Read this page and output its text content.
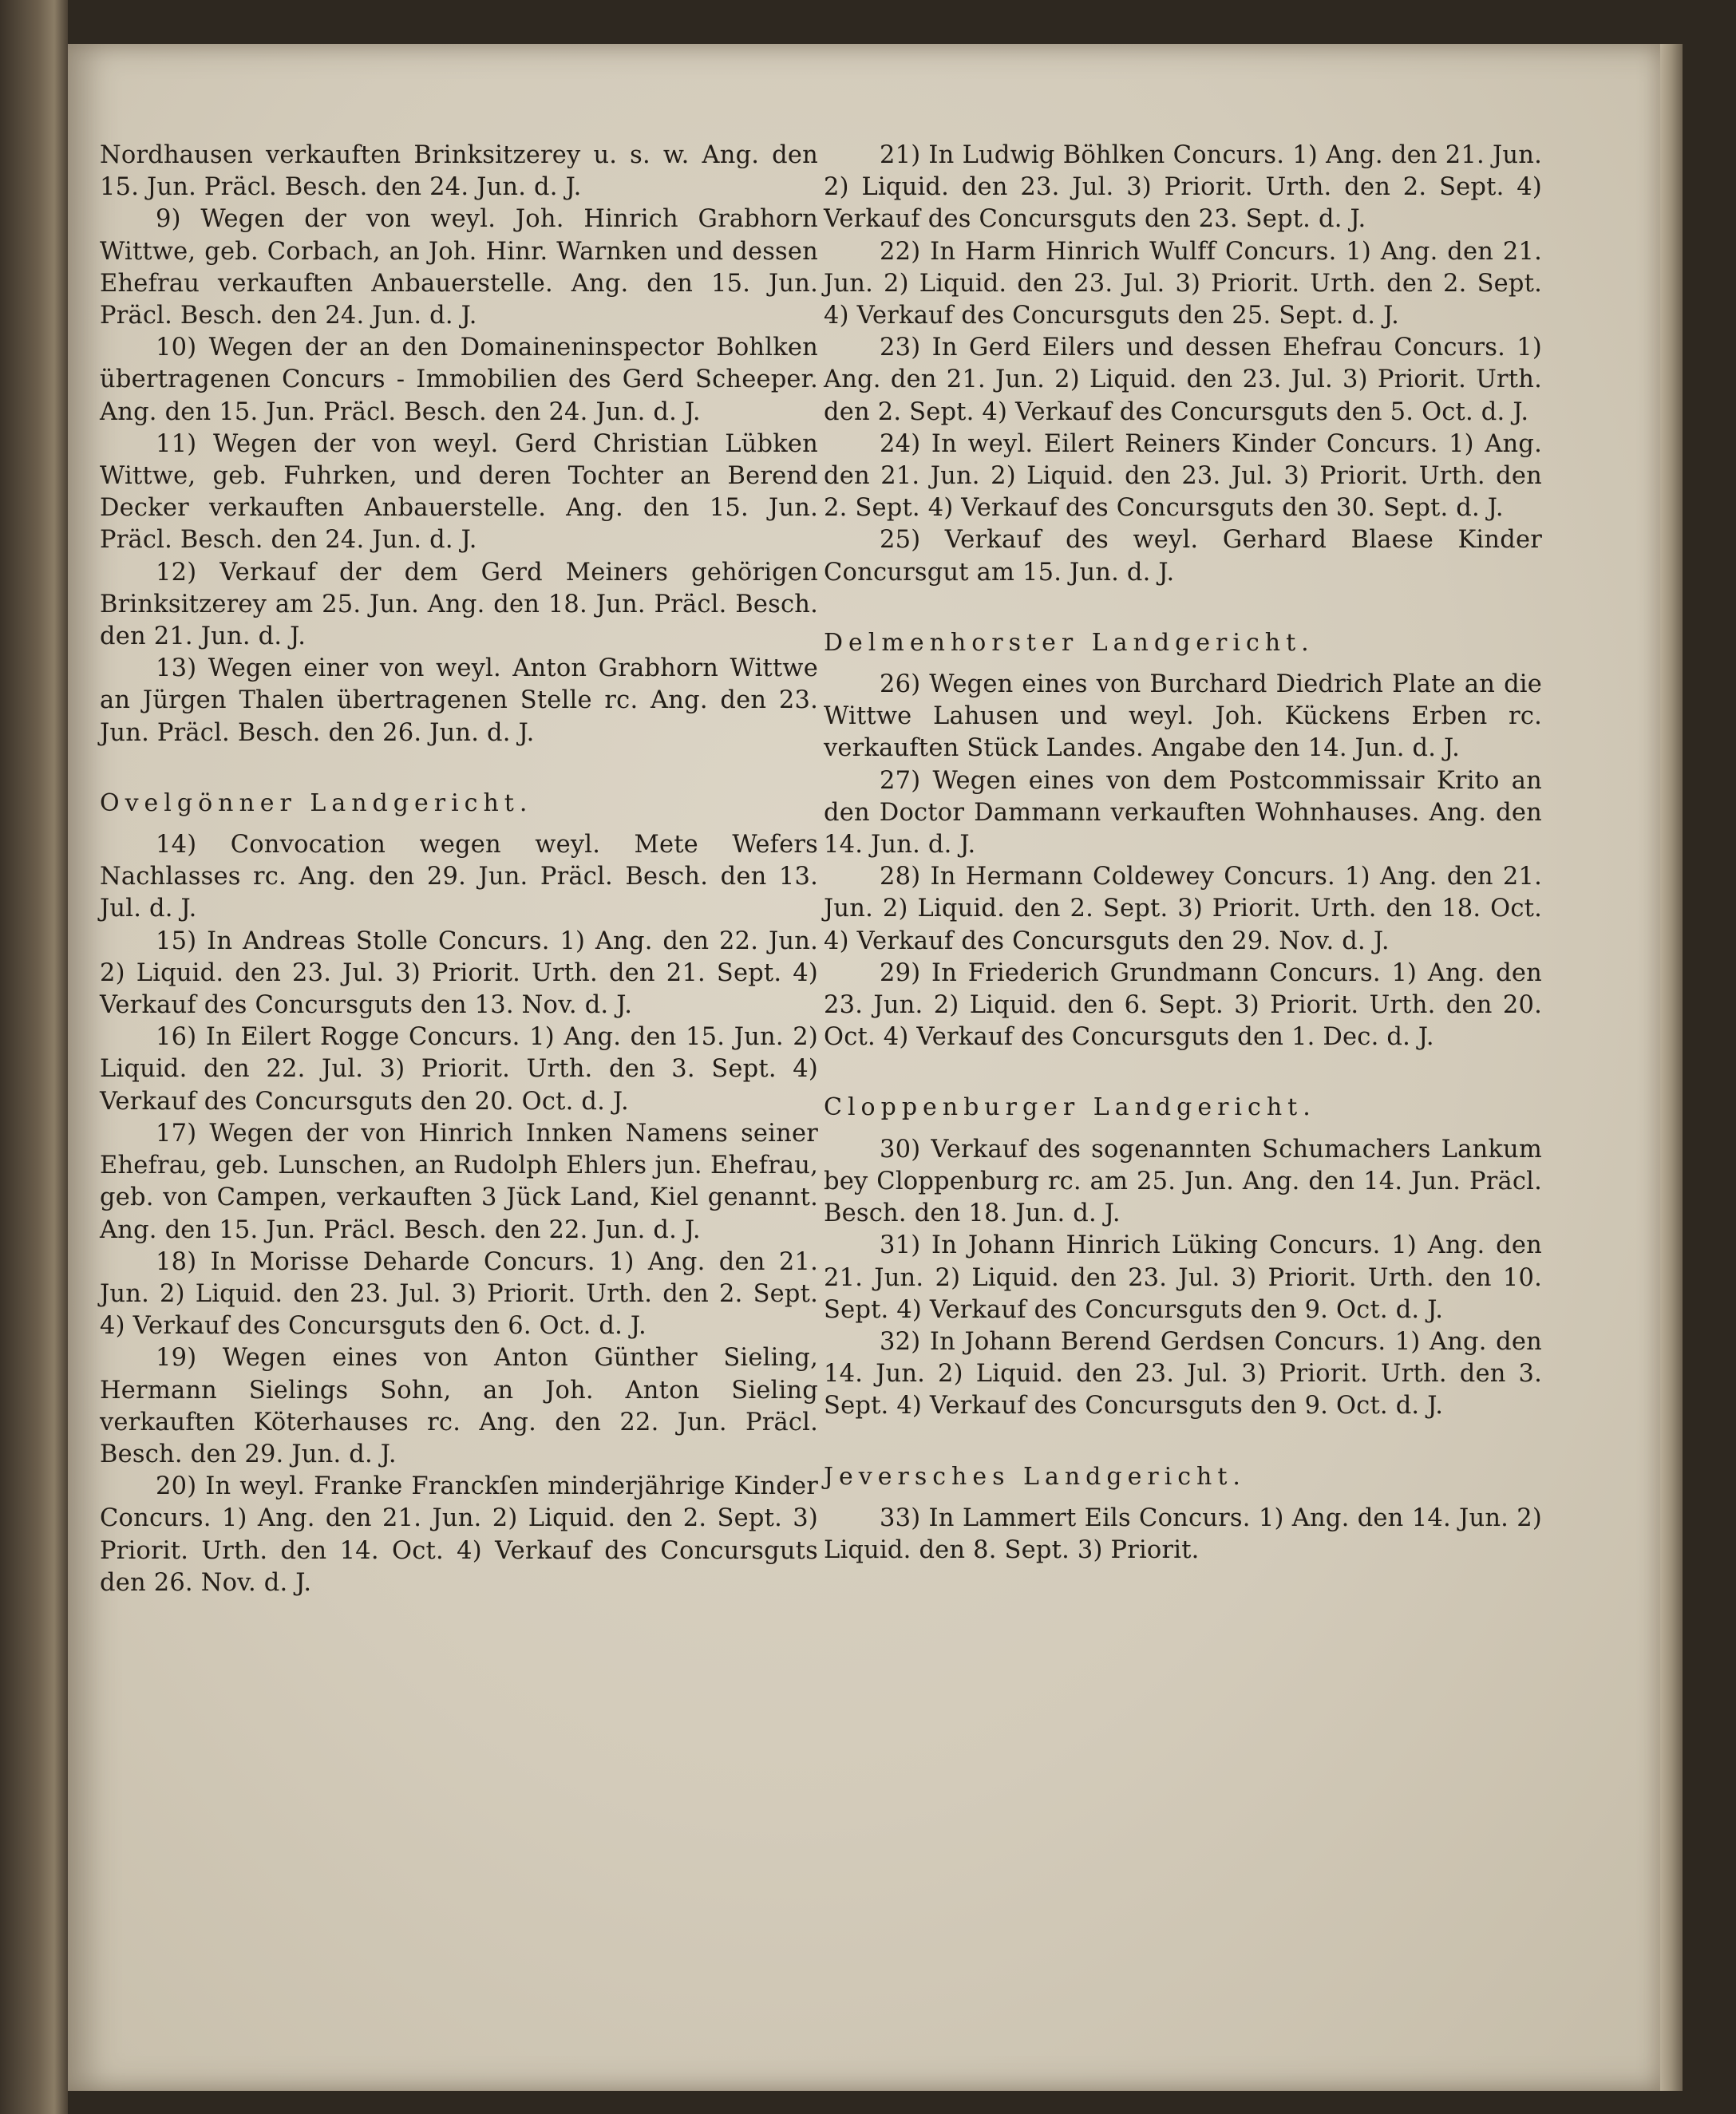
Nordhausen verkauften Brinksitzerey u. s. w. Ang. den 15. Jun. Präcl. Besch. den 24. Jun. d. J.

9) Wegen der von weyl. Joh. Hinrich Grabhorn Wittwe, geb. Corbach, an Joh. Hinr. Warnken und dessen Ehefrau verkauften Anbauerstelle. Ang. den 15. Jun. Präcl. Besch. den 24. Jun. d. J.

10) Wegen der an den Domaineninspector Bohlken übertragenen Concurs - Immobilien des Gerd Scheeper. Ang. den 15. Jun. Präcl. Besch. den 24. Jun. d. J.

11) Wegen der von weyl. Gerd Christian Lübken Wittwe, geb. Fuhrken, und deren Tochter an Berend Decker verkauften Anbauerstelle. Ang. den 15. Jun. Präcl. Besch. den 24. Jun. d. J.

12) Verkauf der dem Gerd Meiners gehörigen Brinksitzerey am 25. Jun. Ang. den 18. Jun. Präcl. Besch. den 21. Jun. d. J.

13) Wegen einer von weyl. Anton Grabhorn Wittwe an Jürgen Thalen übertragenen Stelle rc. Ang. den 23. Jun. Präcl. Besch. den 26. Jun. d. J.

Ovelgönner Landgericht.

14) Convocation wegen weyl. Mete Wefers Nachlasses rc. Ang. den 29. Jun. Präcl. Besch. den 13. Jul. d. J.

15) In Andreas Stolle Concurs. 1) Ang. den 22. Jun. 2) Liquid. den 23. Jul. 3) Priorit. Urth. den 21. Sept. 4) Verkauf des Concursguts den 13. Nov. d. J.

16) In Eilert Rogge Concurs. 1) Ang. den 15. Jun. 2) Liquid. den 22. Jul. 3) Priorit. Urth. den 3. Sept. 4) Verkauf des Concursguts den 20. Oct. d. J.

17) Wegen der von Hinrich Innken Namens seiner Ehefrau, geb. Lunschen, an Rudolph Ehlers jun. Ehefrau, geb. von Campen, verkauften 3 Jück Land, Kiel genannt. Ang. den 15. Jun. Präcl. Besch. den 22. Jun. d. J.

18) In Morisse Deharde Concurs. 1) Ang. den 21. Jun. 2) Liquid. den 23. Jul. 3) Priorit. Urth. den 2. Sept. 4) Verkauf des Concursguts den 6. Oct. d. J.

19) Wegen eines von Anton Günther Sieling, Hermann Sielings Sohn, an Joh. Anton Sieling verkauften Köterhauses rc. Ang. den 22. Jun. Präcl. Besch. den 29. Jun. d. J.

20) In weyl. Franke Franckſen minderjährige Kinder Concurs. 1) Ang. den 21. Jun. 2) Liquid. den 2. Sept. 3) Priorit. Urth. den 14. Oct. 4) Verkauf des Concursguts den 26. Nov. d. J.

21) In Ludwig Böhlken Concurs. 1) Ang. den 21. Jun. 2) Liquid. den 23. Jul. 3) Priorit. Urth. den 2. Sept. 4) Verkauf des Concursguts den 23. Sept. d. J.

22) In Harm Hinrich Wulff Concurs. 1) Ang. den 21. Jun. 2) Liquid. den 23. Jul. 3) Priorit. Urth. den 2. Sept. 4) Verkauf des Concursguts den 25. Sept. d. J.

23) In Gerd Eilers und dessen Ehefrau Concurs. 1) Ang. den 21. Jun. 2) Liquid. den 23. Jul. 3) Priorit. Urth. den 2. Sept. 4) Verkauf des Concursguts den 5. Oct. d. J.

24) In weyl. Eilert Reiners Kinder Concurs. 1) Ang. den 21. Jun. 2) Liquid. den 23. Jul. 3) Priorit. Urth. den 2. Sept. 4) Verkauf des Concursguts den 30. Sept. d. J.

25) Verkauf des weyl. Gerhard Blaese Kinder Concursgut am 15. Jun. d. J.

Delmenhorster Landgericht.

26) Wegen eines von Burchard Diedrich Plate an die Wittwe Lahusen und weyl. Joh. Kückens Erben rc. verkauften Stück Landes. Angabe den 14. Jun. d. J.

27) Wegen eines von dem Postcommissair Krito an den Doctor Dammann verkauften Wohnhauses. Ang. den 14. Jun. d. J.

28) In Hermann Coldewey Concurs. 1) Ang. den 21. Jun. 2) Liquid. den 2. Sept. 3) Priorit. Urth. den 18. Oct. 4) Verkauf des Concursguts den 29. Nov. d. J.

29) In Friederich Grundmann Concurs. 1) Ang. den 23. Jun. 2) Liquid. den 6. Sept. 3) Priorit. Urth. den 20. Oct. 4) Verkauf des Concursguts den 1. Dec. d. J.

Cloppenburger Landgericht.

30) Verkauf des sogenannten Schumachers Lankum bey Cloppenburg rc. am 25. Jun. Ang. den 14. Jun. Präcl. Besch. den 18. Jun. d. J.

31) In Johann Hinrich Lüking Concurs. 1) Ang. den 21. Jun. 2) Liquid. den 23. Jul. 3) Priorit. Urth. den 10. Sept. 4) Verkauf des Concursguts den 9. Oct. d. J.

32) In Johann Berend Gerdsen Concurs. 1) Ang. den 14. Jun. 2) Liquid. den 23. Jul. 3) Priorit. Urth. den 3. Sept. 4) Verkauf des Concursguts den 9. Oct. d. J.

Jeversches Landgericht.

33) In Lammert Eils Concurs. 1) Ang. den 14. Jun. 2) Liquid. den 8. Sept. 3) Priorit.
